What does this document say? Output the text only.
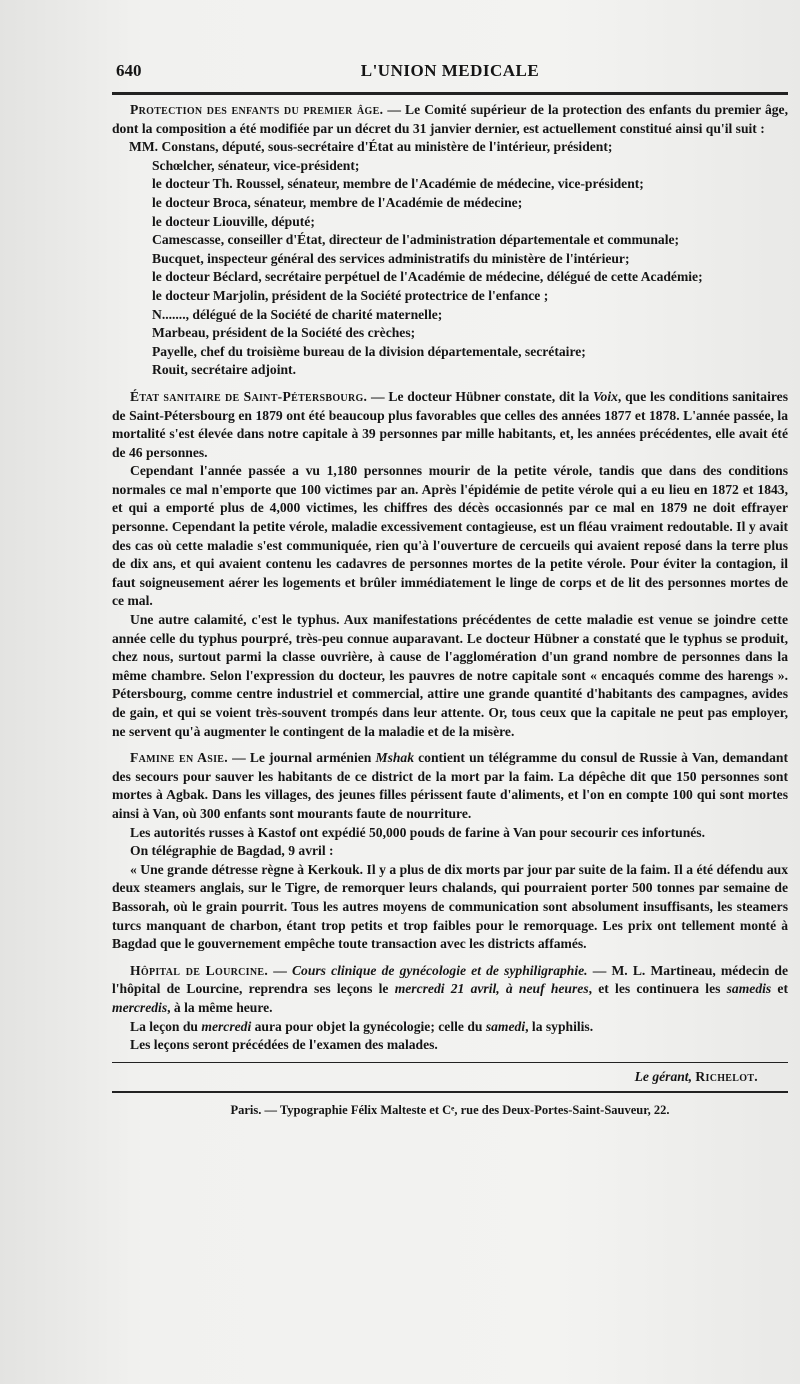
640	L'UNION MEDICALE

Protection des enfants du premier âge. — Le Comité supérieur de la protection des enfants du premier âge, dont la composition a été modifiée par un décret du 31 janvier dernier, est actuellement constitué ainsi qu'il suit :

MM. Constans, député, sous-secrétaire d'État au ministère de l'intérieur, président;

Schœlcher, sénateur, vice-président;

le docteur Th. Roussel, sénateur, membre de l'Académie de médecine, vice-président;

le docteur Broca, sénateur, membre de l'Académie de médecine;

le docteur Liouville, député;

Camescasse, conseiller d'État, directeur de l'administration départementale et communale;

Bucquet, inspecteur général des services administratifs du ministère de l'intérieur;

le docteur Béclard, secrétaire perpétuel de l'Académie de médecine, délégué de cette Académie;

le docteur Marjolin, président de la Société protectrice de l'enfance ;

N......., délégué de la Société de charité maternelle;

Marbeau, président de la Société des crèches;

Payelle, chef du troisième bureau de la division départementale, secrétaire;

Rouit, secrétaire adjoint.

État sanitaire de Saint-Pétersbourg. — Le docteur Hübner constate, dit la Voix, que les conditions sanitaires de Saint-Pétersbourg en 1879 ont été beaucoup plus favorables que celles des années 1877 et 1878. L'année passée, la mortalité s'est élevée dans notre capitale à 39 personnes par mille habitants, et, les années précédentes, elle avait été de 46 personnes.

Cependant l'année passée a vu 1,180 personnes mourir de la petite vérole, tandis que dans des conditions normales ce mal n'emporte que 100 victimes par an. Après l'épidémie de petite vérole qui a eu lieu en 1872 et 1843, et qui a emporté plus de 4,000 victimes, les chiffres des décès occasionnés par ce mal en 1879 ne doit effrayer personne. Cependant la petite vérole, maladie excessivement contagieuse, est un fléau vraiment redoutable. Il y avait des cas où cette maladie s'est communiquée, rien qu'à l'ouverture de cercueils qui avaient reposé dans la terre plus de dix ans, et qui avaient contenu les cadavres de personnes mortes de la petite vérole. Pour éviter la contagion, il faut soigneusement aérer les logements et brûler immédiatement le linge de corps et de lit des personnes mortes de ce mal.

Une autre calamité, c'est le typhus. Aux manifestations précédentes de cette maladie est venue se joindre cette année celle du typhus pourpré, très-peu connue auparavant. Le docteur Hübner a constaté que le typhus se produit, chez nous, surtout parmi la classe ouvrière, à cause de l'agglomération d'un grand nombre de personnes dans la même chambre. Selon l'expression du docteur, les pauvres de notre capitale sont « encaqués comme des harengs ». Pétersbourg, comme centre industriel et commercial, attire une grande quantité d'habitants des campagnes, avides de gain, et qui se voient très-souvent trompés dans leur attente. Or, tous ceux que la capitale ne peut pas employer, ne servent qu'à augmenter le contingent de la maladie et de la misère.

Famine en Asie. — Le journal arménien Mshak contient un télégramme du consul de Russie à Van, demandant des secours pour sauver les habitants de ce district de la mort par la faim. La dépêche dit que 150 personnes sont mortes à Agbak. Dans les villages, des jeunes filles périssent faute d'aliments, et l'on en compte 100 qui sont mortes ainsi à Van, où 300 enfants sont mourants faute de nourriture.

Les autorités russes à Kastof ont expédié 50,000 pouds de farine à Van pour secourir ces infortunés.

On télégraphie de Bagdad, 9 avril :

« Une grande détresse règne à Kerkouk. Il y a plus de dix morts par jour par suite de la faim. Il a été défendu aux deux steamers anglais, sur le Tigre, de remorquer leurs chalands, qui pourraient porter 500 tonnes par semaine de Bassorah, où le grain pourrit. Tous les autres moyens de communication sont absolument insuffisants, les steamers turcs manquant de charbon, étant trop petits et trop faibles pour le remorquage. Les prix ont tellement monté à Bagdad que le gouvernement empêche toute transaction avec les districts affamés.

Hôpital de Lourcine. — Cours clinique de gynécologie et de syphiligraphie. — M. L. Martineau, médecin de l'hôpital de Lourcine, reprendra ses leçons le mercredi 21 avril, à neuf heures, et les continuera les samedis et mercredis, à la même heure.

La leçon du mercredi aura pour objet la gynécologie; celle du samedi, la syphilis.

Les leçons seront précédées de l'examen des malades.

Le gérant, Richelot.
Paris. — Typographie Félix Malteste et Cᵉ, rue des Deux-Portes-Saint-Sauveur, 22.
